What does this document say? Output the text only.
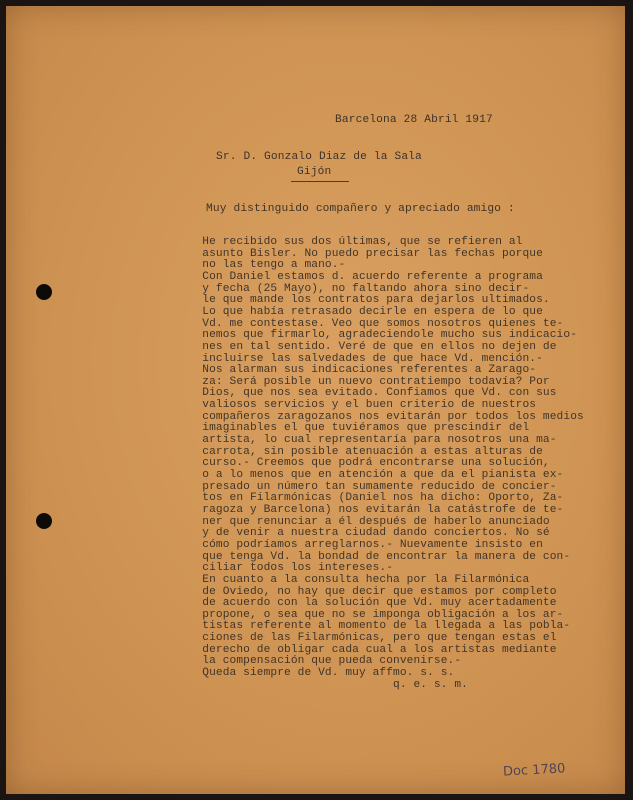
Barcelona 28 Abril 1917
Sr. D. Gonzalo Diaz de la Sala
Gijón
Muy distinguido compañero y apreciado amigo :
He recibido sus dos últimas, que se refieren al
asunto Bisler. No puedo precisar las fechas porque
no las tengo a mano.-
Con Daniel estamos d. acuerdo referente a programa
y fecha (25 Mayo), no faltando ahora sino decir-
le que mande los contratos para dejarlos ultimados.
Lo que había retrasado decirle en espera de lo que
Vd. me contestase. Veo que somos nosotros quienes te-
nemos que firmarlo, agradeciendole mucho sus indicacio-
nes en tal sentido. Veré de que en ellos no dejen de
incluirse las salvedades de que hace Vd. mención.-
Nos alarman sus indicaciones referentes a Zarago-
za: Será posible un nuevo contratiempo todavía? Por
Dios, que nos sea evitado. Confiamos que Vd. con sus
valiosos servicios y el buen criterio de nuestros
compañeros zaragozanos nos evitarán por todos los medios
imaginables el que tuviéramos que prescindir del
artista, lo cual representaría para nosotros una ma-
carrota, sin posible atenuación a estas alturas de
curso.- Creemos que podrá encontrarse una solución,
o a lo menos que en atención a que da el pianista ex-
presado un número tan sumamente reducido de concier-
tos en Filarmónicas (Daniel nos ha dicho: Oporto, Za-
ragoza y Barcelona) nos evitarán la catástrofe de te-
ner que renunciar a él después de haberlo anunciado
y de venir a nuestra ciudad dando conciertos. No sé
cómo podríamos arreglarnos.- Nuevamente insisto en
que tenga Vd. la bondad de encontrar la manera de con-
ciliar todos los intereses.-
En cuanto a la consulta hecha por la Filarmónica
de Oviedo, no hay que decir que estamos por completo
de acuerdo con la solución que Vd. muy acertadamente
propone, o sea que no se imponga obligación a los ar-
tistas referente al momento de la llegada a las pobla-
ciones de las Filarmónicas, pero que tengan estas el
derecho de obligar cada cual a los artistas mediante
la compensación que pueda convenirse.-
Queda siempre de Vd. muy affmo. s. s.
q. e. s. m.
Doc 1780
